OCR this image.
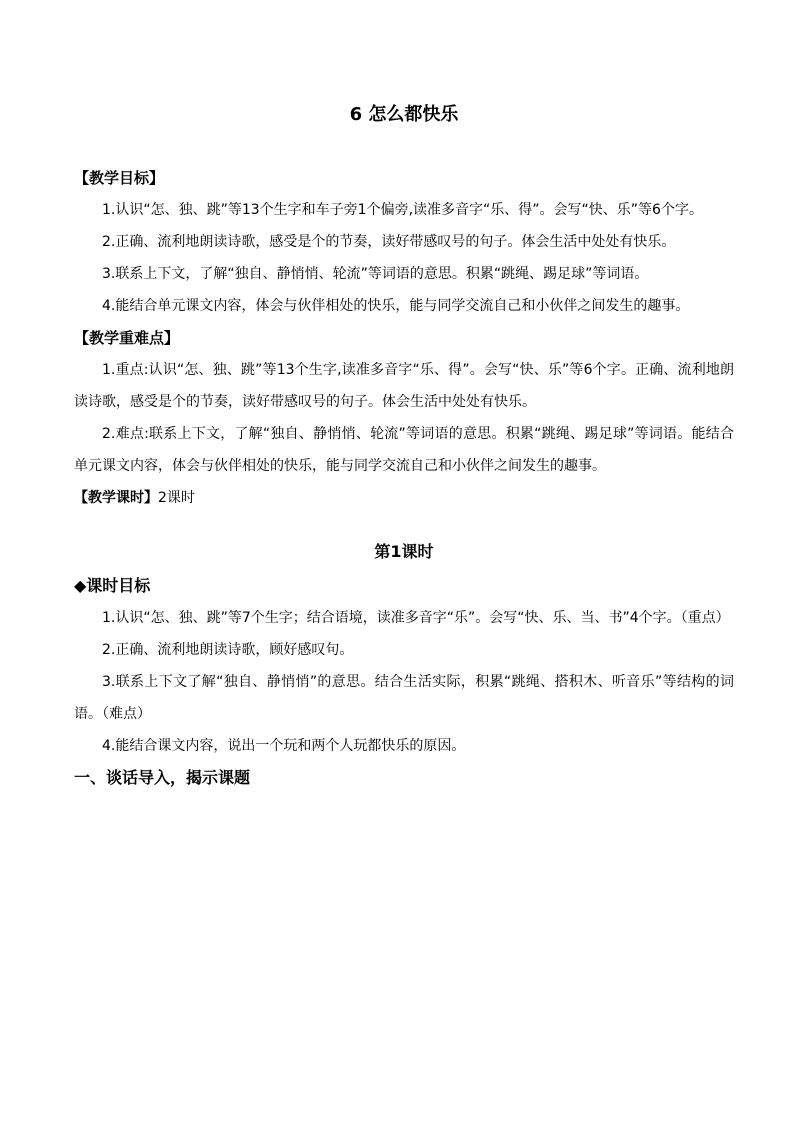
6 怎么都快乐
【教学目标】

1.认识“怎、独、跳”等13个生字和车子旁1个偏旁,读准多音字“乐、得”。会写“快、乐”等6个字。

2.正确、流利地朗读诗歌，感受是个的节奏，读好带感叹号的句子。体会生活中处处有快乐。

3.联系上下文，了解“独自、静悄悄、轮流”等词语的意思。积累“跳绳、踢足球”等词语。

4.能结合单元课文内容，体会与伙伴相处的快乐，能与同学交流自己和小伙伴之间发生的趣事。

【教学重难点】

1.重点:认识“怎、独、跳”等13个生字,读准多音字“乐、得”。会写“快、乐”等6个字。正确、流利地朗读诗歌，感受是个的节奏，读好带感叹号的句子。体会生活中处处有快乐。

2.难点:联系上下文，了解“独自、静悄悄、轮流”等词语的意思。积累“跳绳、踢足球”等词语。能结合单元课文内容，体会与伙伴相处的快乐，能与同学交流自己和小伙伴之间发生的趣事。

【教学课时】2课时
第1课时
◆课时目标

1.认识“怎、独、跳”等7个生字；结合语境，读准多音字“乐”。会写“快、乐、当、书”4个字。（重点）

2.正确、流利地朗读诗歌，顾好感叹句。

3.联系上下文了解“独自、静悄悄”的意思。结合生活实际，积累“跳绳、搭积木、听音乐”等结构的词语。（难点）

4.能结合课文内容，说出一个玩和两个人玩都快乐的原因。

一、谈话导入，揭示课题
